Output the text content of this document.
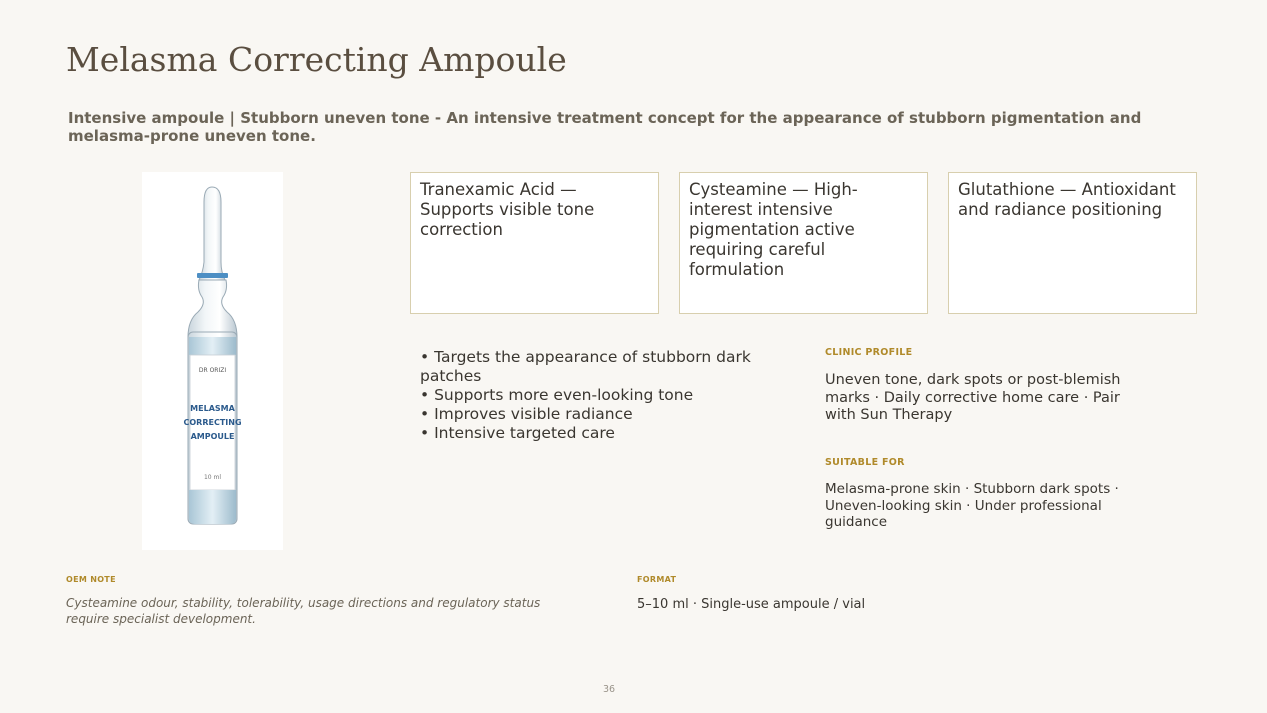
Melasma Correcting Ampoule
Intensive ampoule | Stubborn uneven tone - An intensive treatment concept for the appearance of stubborn pigmentation and melasma-prone uneven tone.
DR ORIZI
MELASMA
CORRECTING
AMPOULE
10 ml
Tranexamic Acid — Supports visible tone correction
Cysteamine — High-interest intensive pigmentation active requiring careful formulation
Glutathione — Antioxidant and radiance positioning
• Targets the appearance of stubborn dark patches
• Supports more even-looking tone
• Improves visible radiance
• Intensive targeted care
CLINIC PROFILE
Uneven tone, dark spots or post-blemish marks · Daily corrective home care · Pair with Sun Therapy
SUITABLE FOR
Melasma-prone skin · Stubborn dark spots · Uneven-looking skin · Under professional guidance
OEM NOTE
Cysteamine odour, stability, tolerability, usage directions and regulatory status require specialist development.
FORMAT
5–10 ml · Single-use ampoule / vial
36
